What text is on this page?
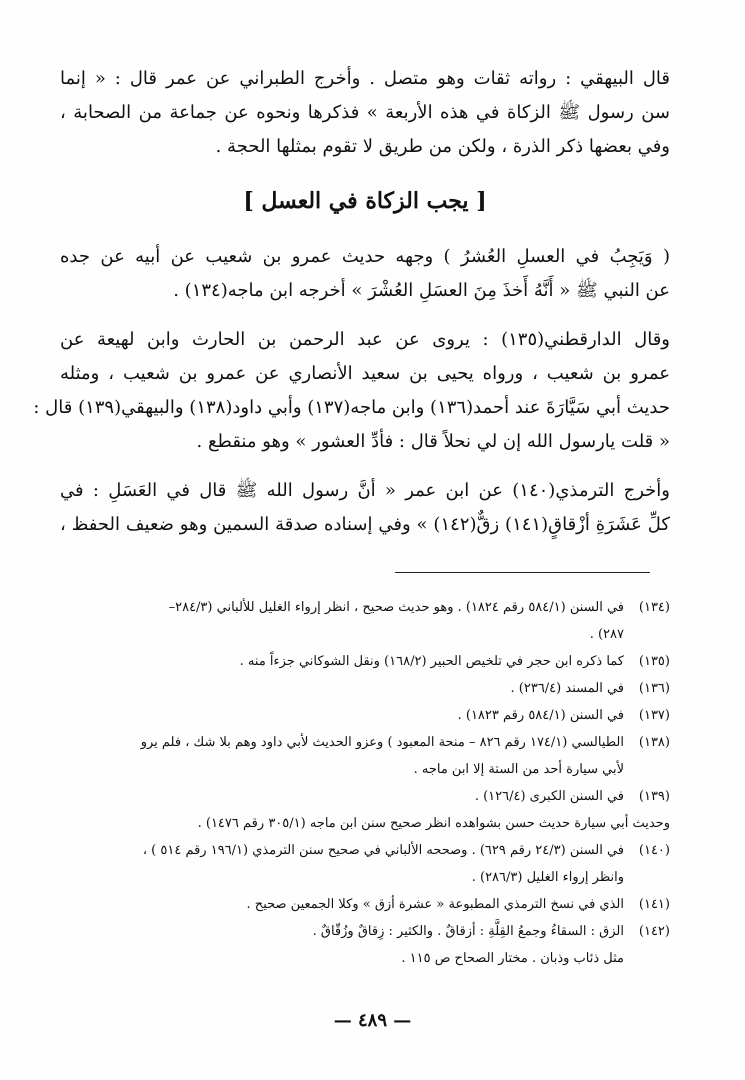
قال البيهقي : رواته ثقات وهو متصل . وأخرج الطبراني عن عمر قال : « إنما
سن رسول ﷺ الزكاة في هذه الأربعة » فذكرها ونحوه عن جماعة من الصحابة ،
وفي بعضها ذكر الذرة ، ولكن من طريق لا تقوم بمثلها الحجة .
[ يجب الزكاة في العسل ]
( وَيَجِبُ في العسلِ العُشرُ ) وجهه حديث عمرو بن شعيب عن أبيه عن جده
عن النبي ﷺ « أَنَّهُ أَخذَ مِنَ العسَلِ العُشْرَ » أخرجه ابن ماجه(١٣٤) .
وقال الدارقطني(١٣٥) : يروى عن عبد الرحمن بن الحارث وابن لهيعة عن
عمرو بن شعيب ، ورواه يحيى بن سعيد الأنصاري عن عمرو بن شعيب ، ومثله
حديث أبي سَيَّارَةَ عند أحمد(١٣٦) وابن ماجه(١٣٧) وأبي داود(١٣٨) والبيهقي(١٣٩) قال :
« قلت يارسول الله إن لي نحلاً قال : فأدِّ العشور » وهو منقطع .
وأخرج الترمذي(١٤٠) عن ابن عمر « أنَّ رسول الله ﷺ قال في العَسَلِ : في
كلِّ عَشَرَةِ أزْقاقٍ(١٤١) زقٌّ(١٤٢) » وفي إسناده صدقة السمين وهو ضعيف الحفظ ،
(١٣٤)
في السنن (٥٨٤/١ رقم ١٨٢٤) . وهو حديث صحيح ، انظر إرواء الغليل للألباني (٢٨٤/٣–
٢٨٧) .
(١٣٥)
كما ذكره ابن حجر في تلخيص الحبير (١٦٨/٢) ونقل الشوكاني جزءاً منه .
(١٣٦)
في المسند (٢٣٦/٤) .
(١٣٧)
في السنن (٥٨٤/١ رقم ١٨٢٣) .
(١٣٨)
الطيالسي (١٧٤/١ رقم ٨٢٦ – منحة المعبود ) وعزو الحديث لأبي داود وهم بلا شك ، فلم يرو
لأبي سيارة أحد من الستة إلا ابن ماجه .
(١٣٩)
في السنن الكبرى (١٢٦/٤) .
وحديث أبي سيارة حديث حسن بشواهده انظر صحيح سنن ابن ماجه (٣٠٥/١ رقم ١٤٧٦) .
(١٤٠)
في السنن (٢٤/٣ رقم ٦٢٩) . وصححه الألباني في صحيح سنن الترمذي (١٩٦/١ رقم ٥١٤ ) ،
وانظر إرواء الغليل (٢٨٦/٣) .
(١٤١)
الذي في نسخ الترمذي المطبوعة « عشرة أزق » وكلا الجمعين صحيح .
(١٤٢)
الزق : السقاءُ وجمعُ القِلَّةِ : أزقاقٌ . والكثير : زِقاقٌ وزُقّاقٌ .
مثل ذئاب وذبان . مختار الصحاح ص ١١٥ .
— ٤٨٩ —
